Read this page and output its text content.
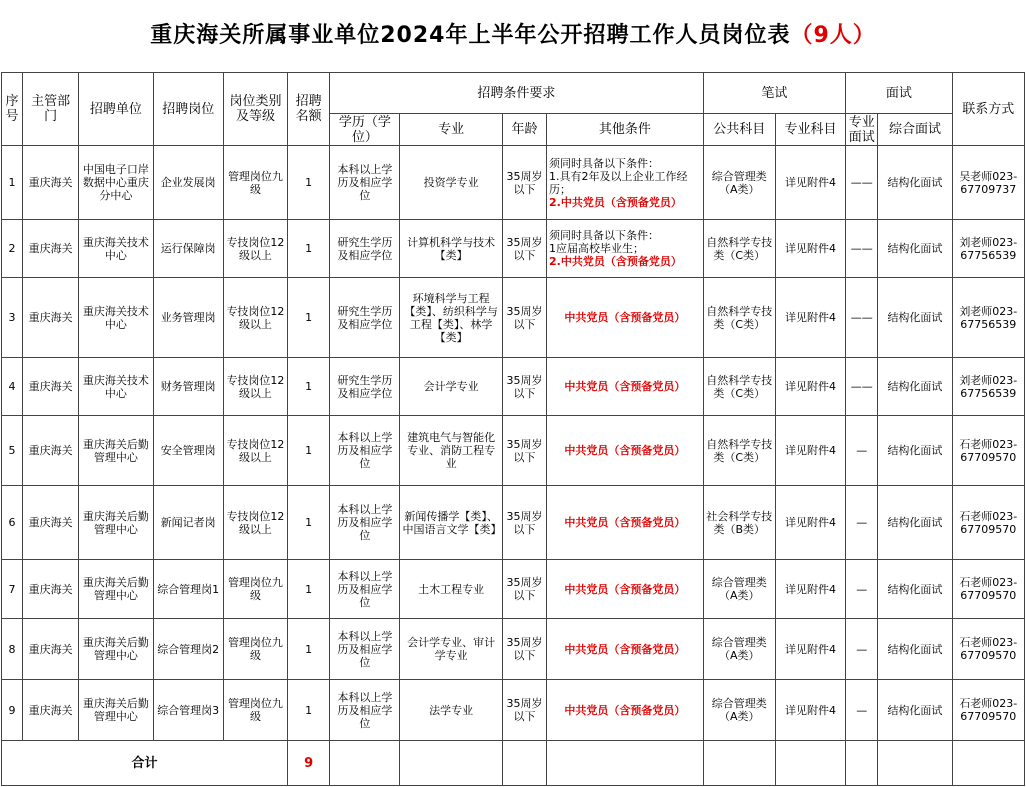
重庆海关所属事业单位2024年上半年公开招聘工作人员岗位表（9人）
序号	主管部门	招聘单位	招聘岗位	岗位类别及等级	招聘名额	招聘条件要求				笔试		面试		联系方式
						学历（学位）	专业	年龄	其他条件	公共科目	专业科目	专业面试	综合面试	
1	重庆海关	中国电子口岸数据中心重庆分中心	企业发展岗	管理岗位九级	1	本科以上学历及相应学位	投资学专业	35周岁以下	须同时具备以下条件：
1.具有2年及以上企业工作经历；
2.中共党员（含预备党员）	综合管理类（A类）	详见附件4	——	结构化面试	吴老师023-67709737
2	重庆海关	重庆海关技术中心	运行保障岗	专技岗位12级以上	1	研究生学历及相应学位	计算机科学与技术【类】	35周岁以下	须同时具备以下条件：
1应届高校毕业生；
2.中共党员（含预备党员）	自然科学专技类（C类）	详见附件4	——	结构化面试	刘老师023-67756539
3	重庆海关	重庆海关技术中心	业务管理岗	专技岗位12级以上	1	研究生学历及相应学位	环境科学与工程【类】、纺织科学与工程【类】、林学【类】	35周岁以下	中共党员（含预备党员）	自然科学专技类（C类）	详见附件4	——	结构化面试	刘老师023-67756539
4	重庆海关	重庆海关技术中心	财务管理岗	专技岗位12级以上	1	研究生学历及相应学位	会计学专业	35周岁以下	中共党员（含预备党员）	自然科学专技类（C类）	详见附件4	——	结构化面试	刘老师023-67756539
5	重庆海关	重庆海关后勤管理中心	安全管理岗	专技岗位12级以上	1	本科以上学历及相应学位	建筑电气与智能化专业、消防工程专业	35周岁以下	中共党员（含预备党员）	自然科学专技类（C类）	详见附件4	—	结构化面试	石老师023-67709570
6	重庆海关	重庆海关后勤管理中心	新闻记者岗	专技岗位12级以上	1	本科以上学历及相应学位	新闻传播学【类】、中国语言文学【类】	35周岁以下	中共党员（含预备党员）	社会科学专技类（B类）	详见附件4	—	结构化面试	石老师023-67709570
7	重庆海关	重庆海关后勤管理中心	综合管理岗1	管理岗位九级	1	本科以上学历及相应学位	土木工程专业	35周岁以下	中共党员（含预备党员）	综合管理类（A类）	详见附件4	—	结构化面试	石老师023-67709570
8	重庆海关	重庆海关后勤管理中心	综合管理岗2	管理岗位九级	1	本科以上学历及相应学位	会计学专业、审计学专业	35周岁以下	中共党员（含预备党员）	综合管理类（A类）	详见附件4	—	结构化面试	石老师023-67709570
9	重庆海关	重庆海关后勤管理中心	综合管理岗3	管理岗位九级	1	本科以上学历及相应学位	法学专业	35周岁以下	中共党员（含预备党员）	综合管理类（A类）	详见附件4	—	结构化面试	石老师023-67709570
合计					9									
